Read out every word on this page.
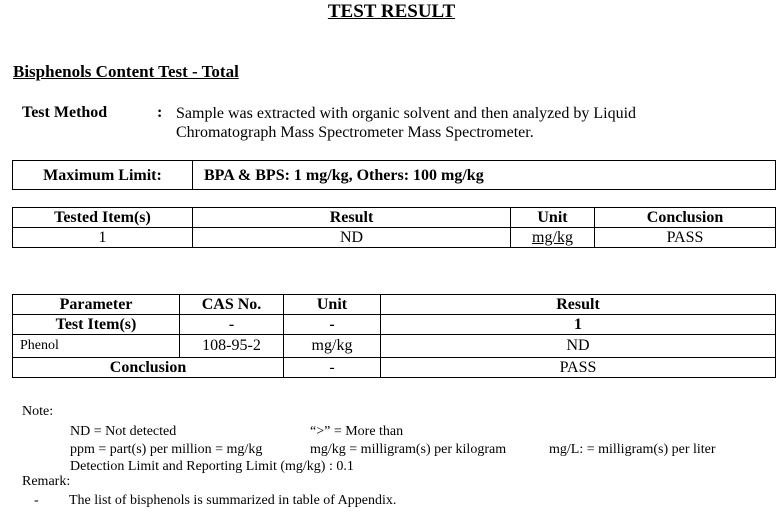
TEST RESULT
Bisphenols Content Test - Total
Test Method	: Sample was extracted with organic solvent and then analyzed by Liquid
Chromatograph Mass Spectrometer Mass Spectrometer.
Maximum Limit:	BPA & BPS: 1 mg/kg, Others: 100 mg/kg
Tested Item(s)	Result	Unit	Conclusion
1	ND	mg/kg	PASS
Parameter	CAS No.	Unit	Result
Test Item(s)	-	-	1
Phenol	108-95-2	mg/kg	ND
Conclusion		-	PASS
Note:
ND = Not detected	“>” = More than
ppm = part(s) per million = mg/kg	mg/kg = milligram(s) per kilogram	mg/L: = milligram(s) per liter
Detection Limit and Reporting Limit (mg/kg) : 0.1
Remark:
- The list of bisphenols is summarized in table of Appendix.
